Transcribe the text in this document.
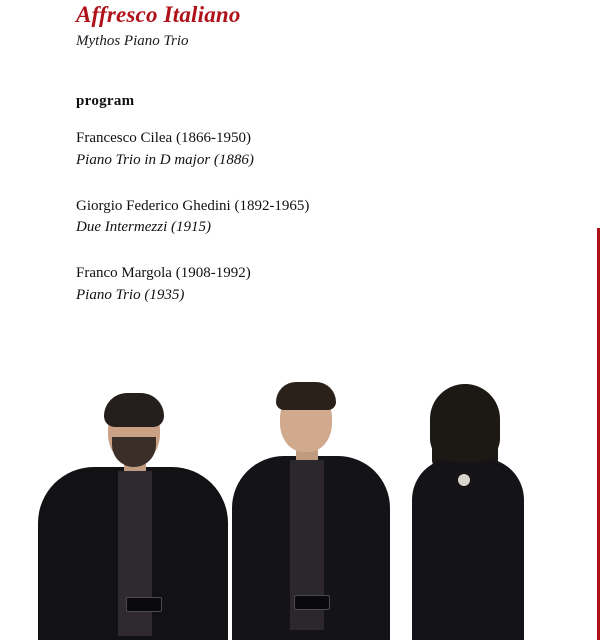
Affresco Italiano
Mythos Piano Trio
program
Francesco Cilea (1866-1950)
Piano Trio in D major (1886)
Giorgio Federico Ghedini (1892-1965)
Due Intermezzi (1915)
Franco Margola (1908-1992)
Piano Trio (1935)
